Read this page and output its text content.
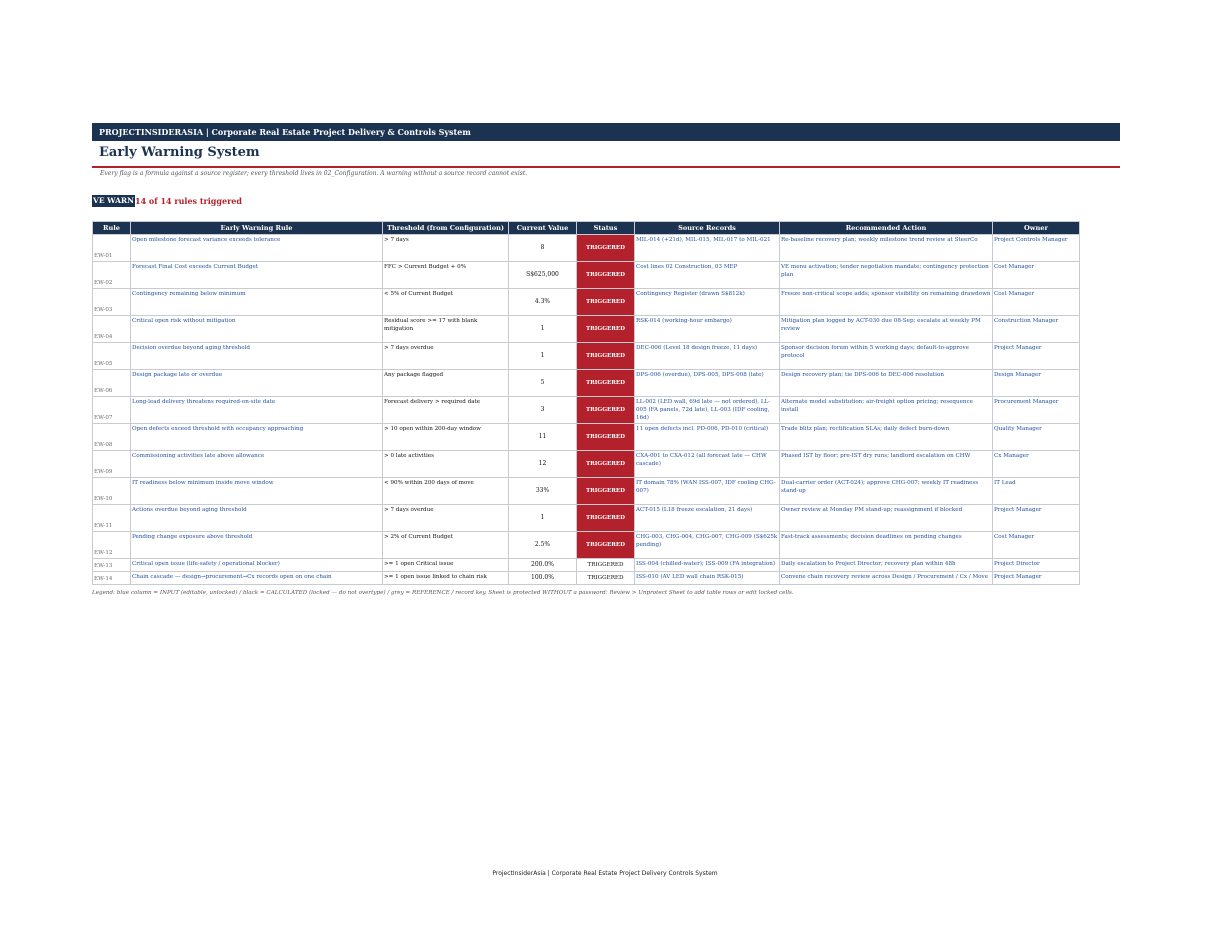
PROJECTINSIDERASIA | Corporate Real Estate Project Delivery & Controls System
Early Warning System
Every flag is a formula against a source register; every threshold lives in 02_Configuration. A warning without a source record cannot exist.
VE WARN14 of 14 rules triggered
Rule	Early Warning Rule	Threshold (from Configuration)	Current Value	Status	Source Records	Recommended Action	Owner
EW-01	Open milestone forecast variance exceeds tolerance	> 7 days	8	TRIGGERED	MIL-014 (+21d), MIL-015, MIL-017 to MIL-021	Re-baseline recovery plan; weekly milestone trend review at SteerCo	Project Controls Manager
EW-02	Forecast Final Cost exceeds Current Budget	FFC > Current Budget + 0%	S$625,000	TRIGGERED	Cost lines 02 Construction, 03 MEP	VE menu activation; tender negotiation mandate; contingency protection plan	Cost Manager
EW-03	Contingency remaining below minimum	< 5% of Current Budget	4.3%	TRIGGERED	Contingency Register (drawn S$812k)	Freeze non-critical scope adds; sponsor visibility on remaining drawdown	Cost Manager
EW-04	Critical open risk without mitigation	Residual score >= 17 with blank mitigation	1	TRIGGERED	RSK-014 (working-hour embargo)	Mitigation plan logged by ACT-030 due 08-Sep; escalate at weekly PM review	Construction Manager
EW-05	Decision overdue beyond aging threshold	> 7 days overdue	1	TRIGGERED	DEC-006 (Level 18 design freeze, 11 days)	Sponsor decision forum within 5 working days; default-to-approve protocol	Project Manager
EW-06	Design package late or overdue	Any package flagged	5	TRIGGERED	DPS-006 (overdue), DPS-005, DPS-008 (late)	Design recovery plan; tie DPS-006 to DEC-006 resolution	Design Manager
EW-07	Long-lead delivery threatens required-on-site date	Forecast delivery > required date	3	TRIGGERED	LL-002 (LED wall, 69d late — not ordered), LL-005 (FA panels, 72d late), LL-003 (IDF cooling, 16d)	Alternate model substitution; air-freight option pricing; resequence install	Procurement Manager
EW-08	Open defects exceed threshold with occupancy approaching	> 10 open within 200-day window	11	TRIGGERED	11 open defects incl. PD-006, PD-010 (critical)	Trade blitz plan; rectification SLAs; daily defect burn-down	Quality Manager
EW-09	Commissioning activities late above allowance	> 0 late activities	12	TRIGGERED	CXA-001 to CXA-012 (all forecast late — CHW cascade)	Phased IST by floor; pre-IST dry runs; landlord escalation on CHW	Cx Manager
EW-10	IT readiness below minimum inside move window	< 90% within 200 days of move	33%	TRIGGERED	IT domain 78% (WAN ISS-007, IDF cooling CHG-007)	Dual-carrier order (ACT-024); approve CHG-007; weekly IT readiness stand-up	IT Lead
EW-11	Actions overdue beyond aging threshold	> 7 days overdue	1	TRIGGERED	ACT-015 (L18 freeze escalation, 21 days)	Owner review at Monday PM stand-up; reassignment if blocked	Project Manager
EW-12	Pending change exposure above threshold	> 2% of Current Budget	2.5%	TRIGGERED	CHG-003, CHG-004, CHG-007, CHG-009 (S$625k pending)	Fast-track assessments; decision deadlines on pending changes	Cost Manager
EW-13	Critical open issue (life-safety / operational blocker)	>= 1 open Critical issue	200.0%	TRIGGERED	ISS-004 (chilled-water); ISS-009 (FA integration)	Daily escalation to Project Director; recovery plan within 48h	Project Director
EW-14	Chain cascade — design→procurement→Cx records open on one chain	>= 1 open issue linked to chain risk	100.0%	TRIGGERED	ISS-010 (AV LED wall chain RSK-015)	Convene chain recovery review across Design / Procurement / Cx / Move	Project Manager
Legend: blue column = INPUT (editable, unlocked) / black = CALCULATED (locked — do not overtype) / grey = REFERENCE / record key. Sheet is protected WITHOUT a password: Review > Unprotect Sheet to add table rows or edit locked cells.
ProjectInsiderAsia | Corporate Real Estate Project Delivery Controls System
